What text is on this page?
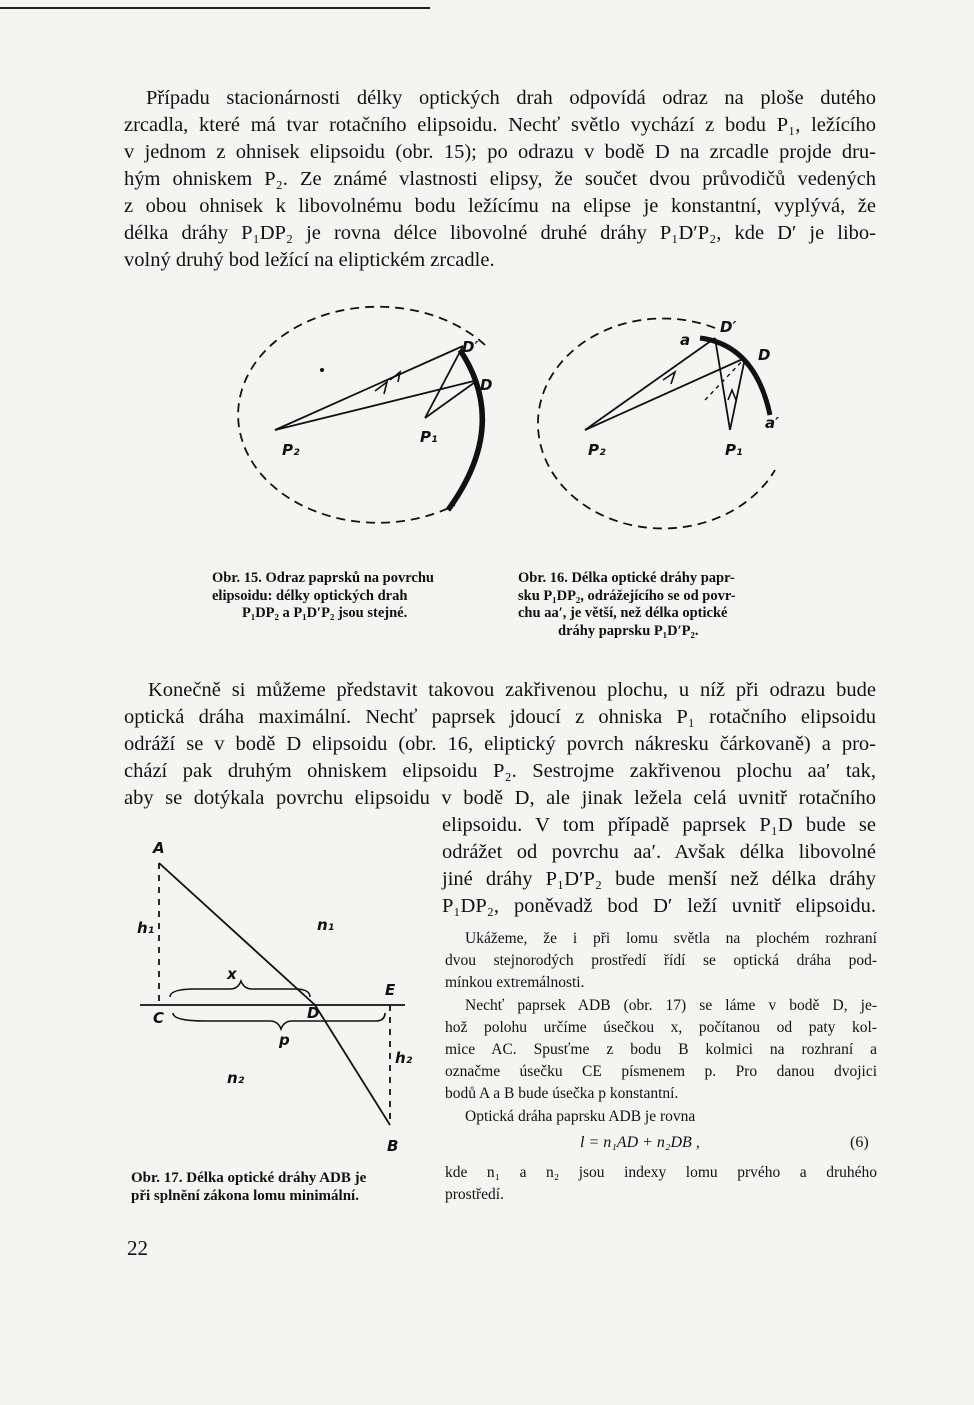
Případu stacionárnosti délky optických drah odpovídá odraz na ploše dutého
zrcadla, které má tvar rotačního elipsoidu. Nechť světlo vychází z bodu P₁, ležícího
v jednom z ohnisek elipsoidu (obr. 15); po odrazu v bodě D na zrcadle projde dru-
hým ohniskem P₂. Ze známé vlastnosti elipsy, že součet dvou průvodičů vedených
z obou ohnisek k libovolnému bodu ležícímu na elipse je konstantní, vyplývá, že
délka dráhy P₁DP₂ je rovna délce libovolné druhé dráhy P₁D′P₂, kde D′ je libo-
volný druhý bod ležící na eliptickém zrcadle.
P₂
P₁
D
D′
Obr. 15. Odraz paprsků na povrchu
elipsoidu: délky optických drah
P₁DP₂ a P₁D′P₂ jsou stejné.
P₂	P₁
D
D′
a
a′
Obr. 16. Délka optické dráhy papr-
sku P₁DP₂, odrážejícího se od povr-
chu aa′, je větší, než délka optické
dráhy paprsku P₁D′P₂.
Konečně si můžeme představit takovou zakřivenou plochu, u níž při odrazu bude
optická dráha maximální. Nechť paprsek jdoucí z ohniska P₁ rotačního elipsoidu
odráží se v bodě D elipsoidu (obr. 16, eliptický povrch nákresku čárkovaně) a pro-
chází pak druhým ohniskem elipsoidu P₂. Sestrojme zakřivenou plochu aa′ tak,
aby se dotýkala povrchu elipsoidu v bodě D, ale jinak ležela celá uvnitř rotačního
elipsoidu. V tom případě paprsek P₁D bude se
odrážet od povrchu aa′. Avšak délka libovolné
jiné dráhy P₁D′P₂ bude menší než délka dráhy
P₁DP₂, poněvadž bod D′ leží uvnitř elipsoidu.
A
B
C	D
E
x
p
h₁
h₂
n₁
n₂
Obr. 17. Délka optické dráhy ADB je
při splnění zákona lomu minimální.
Ukážeme, že i při lomu světla na plochém rozhraní
dvou stejnorodých prostředí řídí se optická dráha pod-
mínkou extremálnosti.
Nechť paprsek ADB (obr. 17) se láme v bodě D, je-
hož polohu určíme úsečkou x, počítanou od paty kol-
mice AC. Spusťme z bodu B kolmici na rozhraní a
označme úsečku CE písmenem p. Pro danou dvojici
bodů A a B bude úsečka p konstantní.
Optická dráha paprsku ADB je rovna
l = n₁AD + n₂DB ,	(6)
kde n₁ a n₂ jsou indexy lomu prvého a druhého
prostředí.
22
